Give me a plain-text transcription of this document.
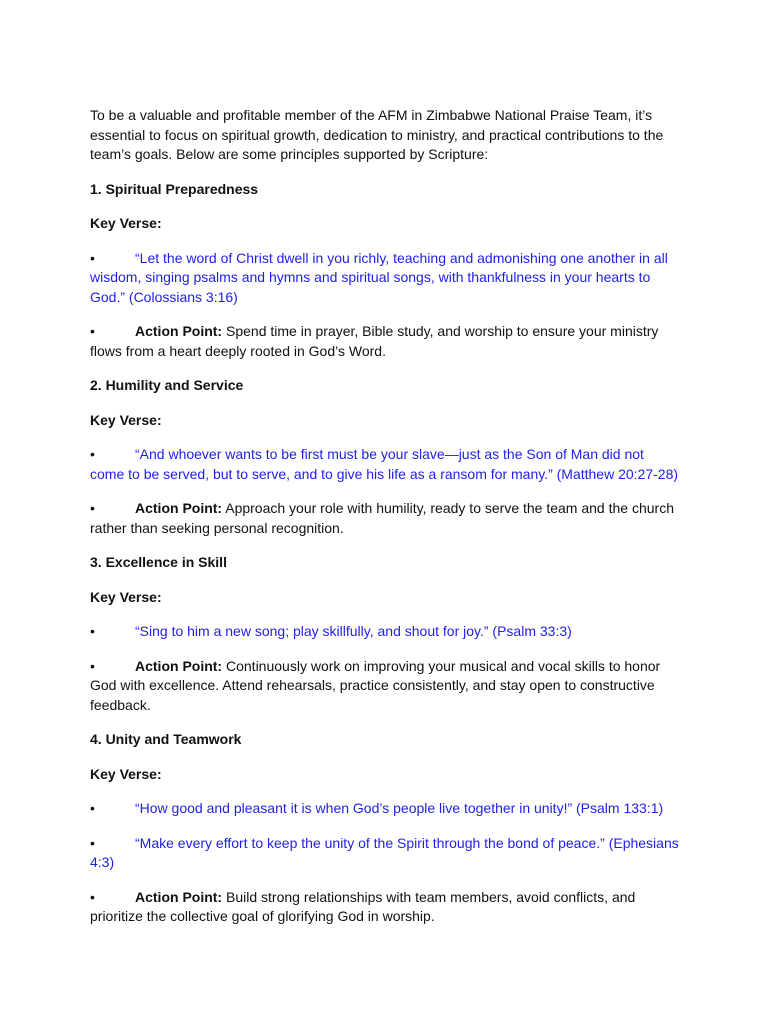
To be a valuable and profitable member of the AFM in Zimbabwe National Praise Team, it’s essential to focus on spiritual growth, dedication to ministry, and practical contributions to the team’s goals. Below are some principles supported by Scripture:

1. Spiritual Preparedness

Key Verse:

•	“Let the word of Christ dwell in you richly, teaching and admonishing one another in all wisdom, singing psalms and hymns and spiritual songs, with thankfulness in your hearts to God.” (Colossians 3:16)

•	Action Point: Spend time in prayer, Bible study, and worship to ensure your ministry flows from a heart deeply rooted in God’s Word.

2. Humility and Service

Key Verse:

•	“And whoever wants to be first must be your slave—just as the Son of Man did not come to be served, but to serve, and to give his life as a ransom for many.” (Matthew 20:27-28)

•	Action Point: Approach your role with humility, ready to serve the team and the church rather than seeking personal recognition.

3. Excellence in Skill

Key Verse:

•	“Sing to him a new song; play skillfully, and shout for joy.” (Psalm 33:3)

•	Action Point: Continuously work on improving your musical and vocal skills to honor God with excellence. Attend rehearsals, practice consistently, and stay open to constructive feedback.

4. Unity and Teamwork

Key Verse:

•	“How good and pleasant it is when God’s people live together in unity!” (Psalm 133:1)

•	“Make every effort to keep the unity of the Spirit through the bond of peace.” (Ephesians 4:3)

•	Action Point: Build strong relationships with team members, avoid conflicts, and prioritize the collective goal of glorifying God in worship.
